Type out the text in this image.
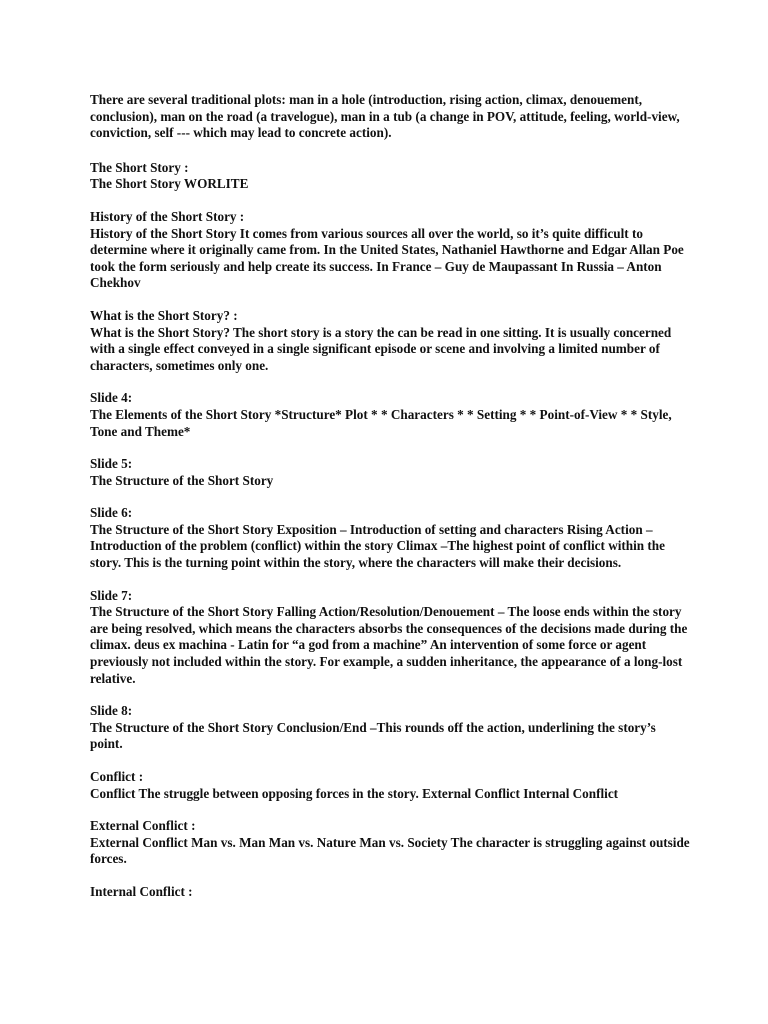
There are several traditional plots: man in a hole (introduction, rising action, climax, denouement, conclusion), man on the road (a travelogue), man in a tub (a change in POV, attitude, feeling, world-view, conviction, self --- which may lead to concrete action).

The Short Story :

The Short Story WORLITE

History of the Short Story :

History of the Short Story It comes from various sources all over the world, so it’s quite difficult to determine where it originally came from. In the United States, Nathaniel Hawthorne and Edgar Allan Poe took the form seriously and help create its success. In France – Guy de Maupassant In Russia – Anton Chekhov

What is the Short Story? :

What is the Short Story? The short story is a story the can be read in one sitting. It is usually concerned with a single effect conveyed in a single significant episode or scene and involving a limited number of characters, sometimes only one.

Slide 4:

The Elements of the Short Story *Structure* Plot * * Characters * * Setting * * Point-of-View * * Style, Tone and Theme*

Slide 5:

The Structure of the Short Story

Slide 6:

The Structure of the Short Story Exposition – Introduction of setting and characters Rising Action – Introduction of the problem (conflict) within the story Climax –The highest point of conflict within the story. This is the turning point within the story, where the characters will make their decisions.

Slide 7:

The Structure of the Short Story Falling Action/Resolution/Denouement – The loose ends within the story are being resolved, which means the characters absorbs the consequences of the decisions made during the climax. deus ex machina - Latin for “a god from a machine” An intervention of some force or agent previously not included within the story. For example, a sudden inheritance, the appearance of a long-lost relative.

Slide 8:

The Structure of the Short Story Conclusion/End –This rounds off the action, underlining the story’s point.

Conflict :

Conflict The struggle between opposing forces in the story. External Conflict Internal Conflict

External Conflict :

External Conflict Man vs. Man Man vs. Nature Man vs. Society The character is struggling against outside forces.

Internal Conflict :
